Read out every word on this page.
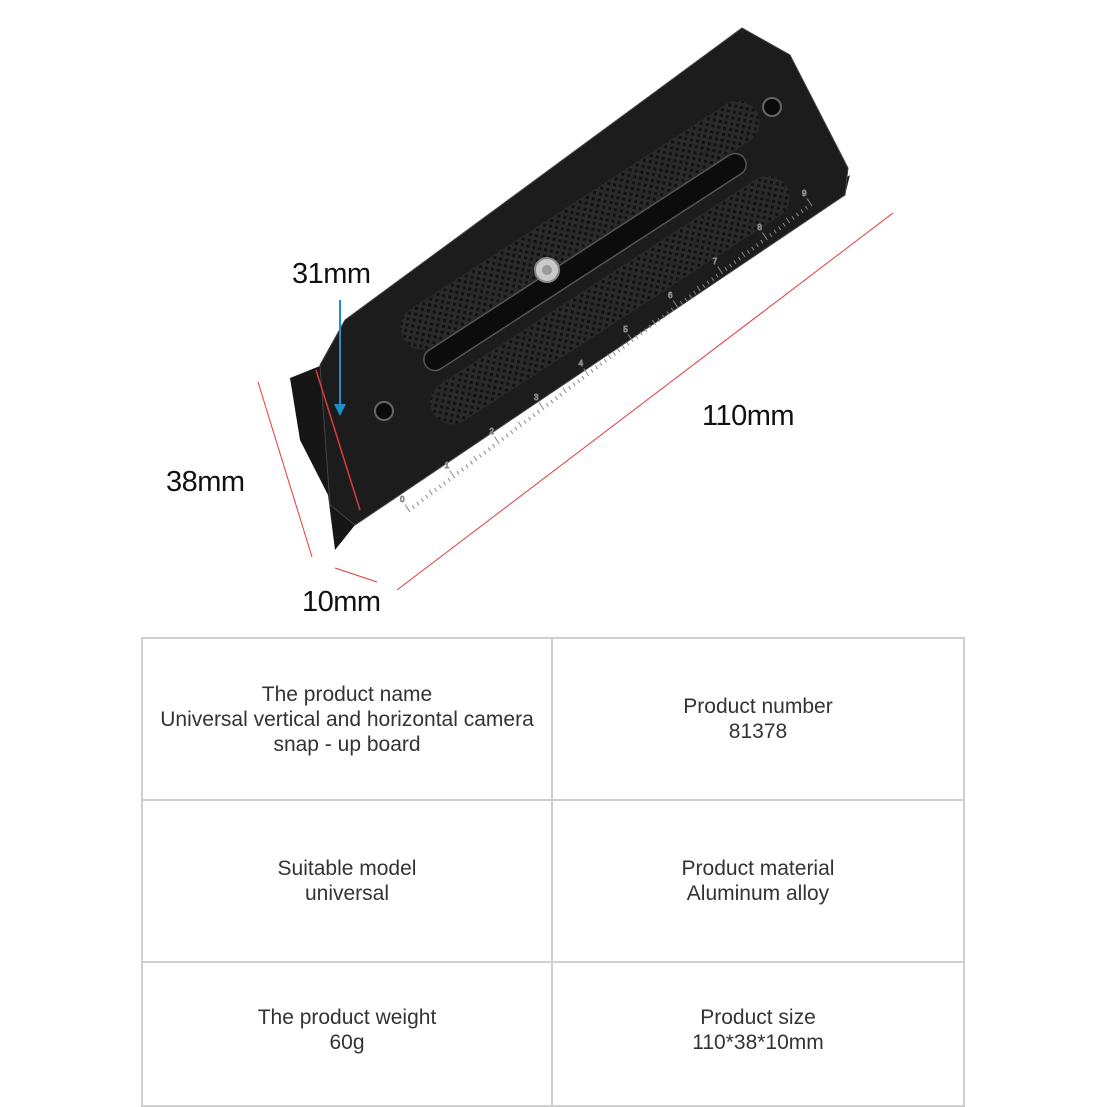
0
1
2
3
4
5
6
7
8
9
31mm
38mm
110mm
10mm
The product name
Universal vertical and horizontal camera
snap - up board
Product number
81378
Suitable model
universal
Product material
Aluminum alloy
The product weight
60g
Product size
110*38*10mm
